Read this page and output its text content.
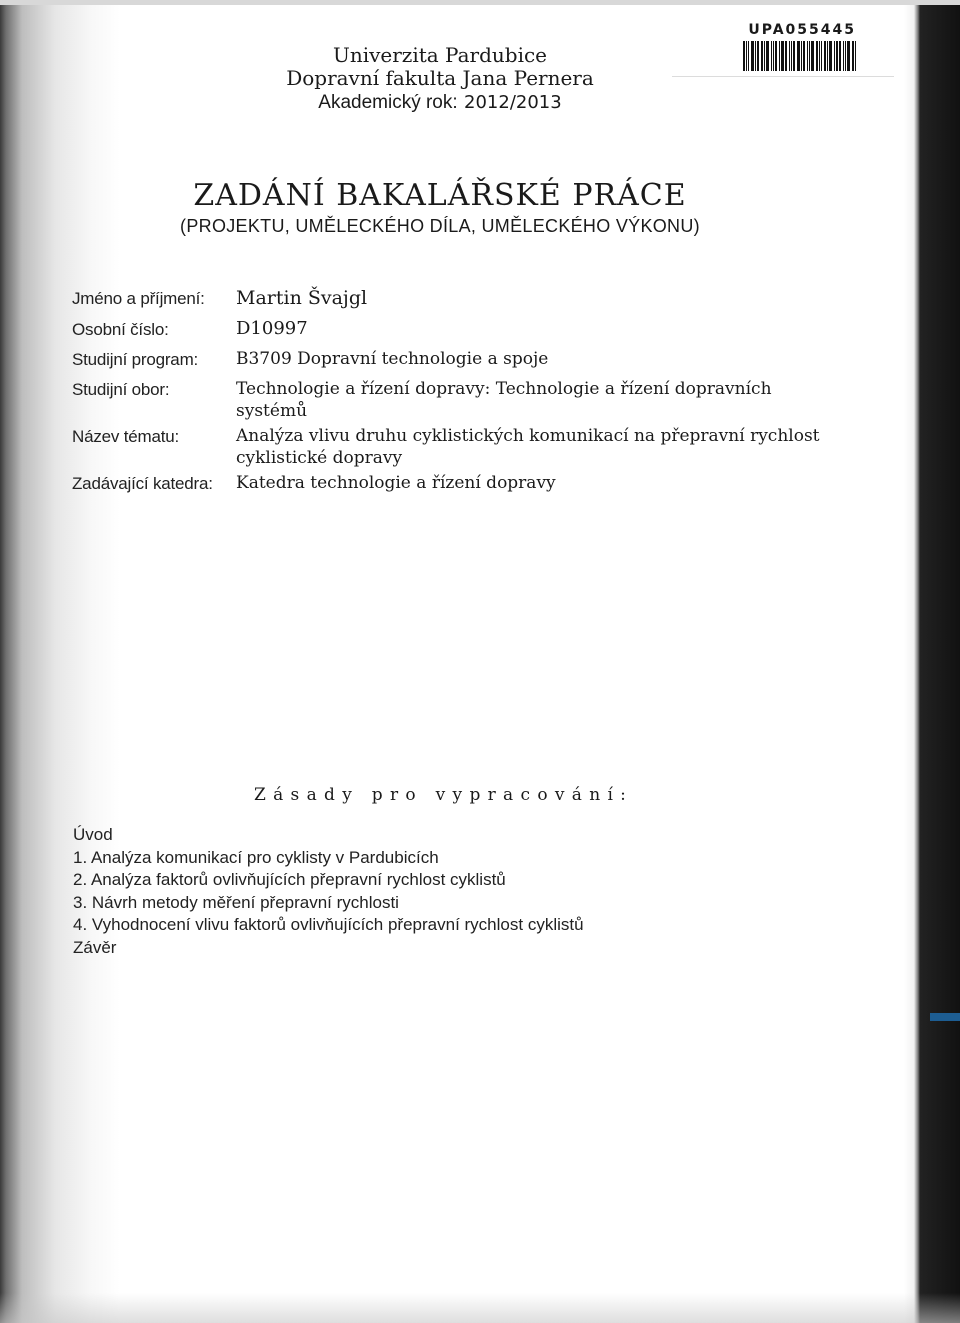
Univerzita Pardubice
Dopravní fakulta Jana Pernera
Akademický rok: 2012/2013
UPA055445
ZADÁNÍ BAKALÁŘSKÉ PRÁCE
(PROJEKTU, UMĚLECKÉHO DÍLA, UMĚLECKÉHO VÝKONU)
Jméno a příjmení:	Martin Švajgl
Osobní číslo:	D10997
Studijní program:	B3709 Dopravní technologie a spoje
Studijní obor:	Technologie a řízení dopravy: Technologie a řízení dopravních systémů
Název tématu:	Analýza vlivu druhu cyklistických komunikací na přepravní rychlost cyklistické dopravy
Zadávající katedra:	Katedra technologie a řízení dopravy
Zásady pro vypracování:
Úvod
1. Analýza komunikací pro cyklisty v Pardubicích
2. Analýza faktorů ovlivňujících přepravní rychlost cyklistů
3. Návrh metody měření přepravní rychlosti
4. Vyhodnocení vlivu faktorů ovlivňujících přepravní rychlost cyklistů
Závěr
